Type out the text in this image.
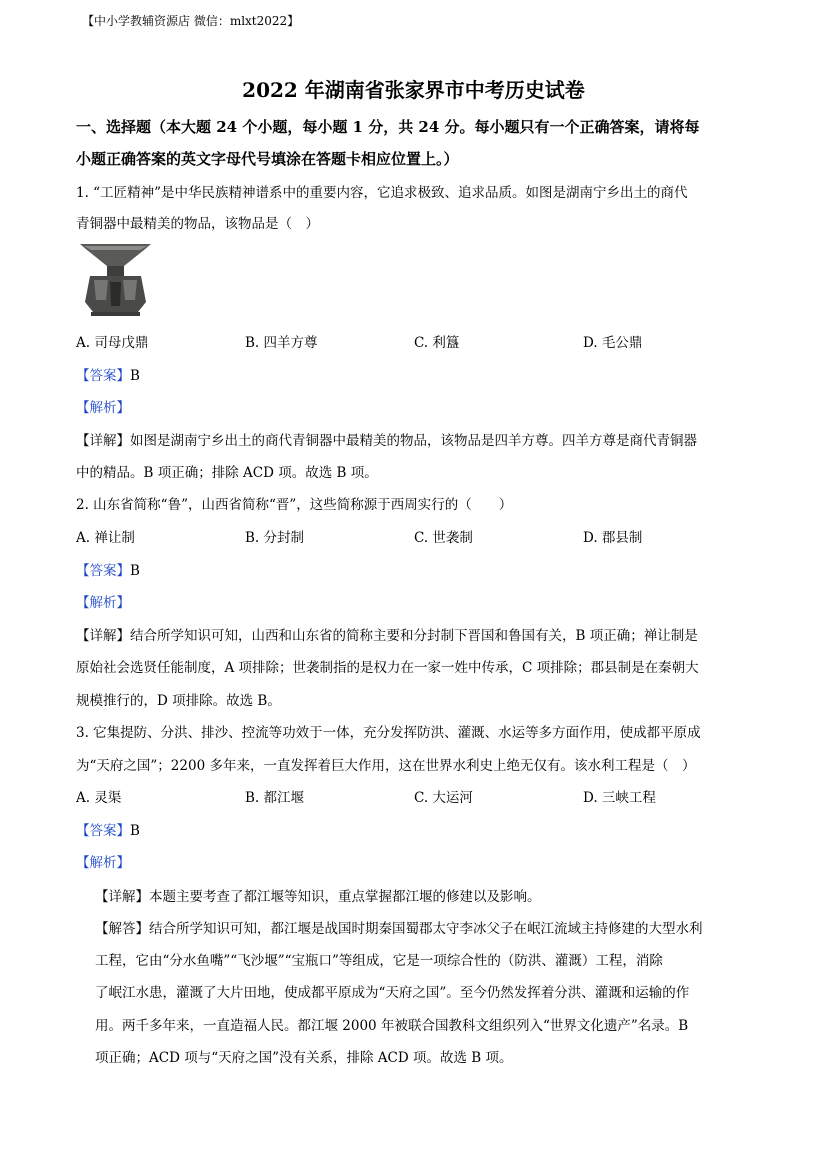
【中小学教辅资源店 微信：mlxt2022】
2022 年湖南省张家界市中考历史试卷
一、选择题（本大题 24 个小题，每小题 1 分，共 24 分。每小题只有一个正确答案，请将每
小题正确答案的英文字母代号填涂在答题卡相应位置上。）
1. “工匠精神”是中华民族精神谱系中的重要内容，它追求极致、追求品质。如图是湖南宁乡出土的商代
青铜器中最精美的物品，该物品是（　）
A. 司母戊鼎	B. 四羊方尊	C. 利簋	D. 毛公鼎
【答案】B
【解析】
【详解】如图是湖南宁乡出土的商代青铜器中最精美的物品，该物品是四羊方尊。四羊方尊是商代青铜器
中的精品。B 项正确；排除 ACD 项。故选 B 项。
2. 山东省简称“鲁”，山西省简称“晋”，这些简称源于西周实行的（　　）
A. 禅让制	B. 分封制	C. 世袭制	D. 郡县制
【答案】B
【解析】
【详解】结合所学知识可知，山西和山东省的简称主要和分封制下晋国和鲁国有关，B 项正确；禅让制是
原始社会选贤任能制度，A 项排除；世袭制指的是权力在一家一姓中传承，C 项排除；郡县制是在秦朝大
规模推行的，D 项排除。故选 B。
3. 它集提防、分洪、排沙、控流等功效于一体，充分发挥防洪、灌溉、水运等多方面作用，使成都平原成
为“天府之国”；2200 多年来，一直发挥着巨大作用，这在世界水利史上绝无仅有。该水利工程是（　）
A. 灵渠	B. 都江堰	C. 大运河	D. 三峡工程
【答案】B
【解析】
【详解】本题主要考查了都江堰等知识，重点掌握都江堰的修建以及影响。
【解答】结合所学知识可知，都江堰是战国时期秦国蜀郡太守李冰父子在岷江流域主持修建的大型水利
工程，它由“分水鱼嘴”“飞沙堰”“宝瓶口”等组成，它是一项综合性的（防洪、灌溉）工程，消除
了岷江水患，灌溉了大片田地，使成都平原成为“天府之国”。至今仍然发挥着分洪、灌溉和运输的作
用。两千多年来，一直造福人民。都江堰 2000 年被联合国教科文组织列入“世界文化遗产”名录。B
项正确；ACD 项与“天府之国”没有关系，排除 ACD 项。故选 B 项。
